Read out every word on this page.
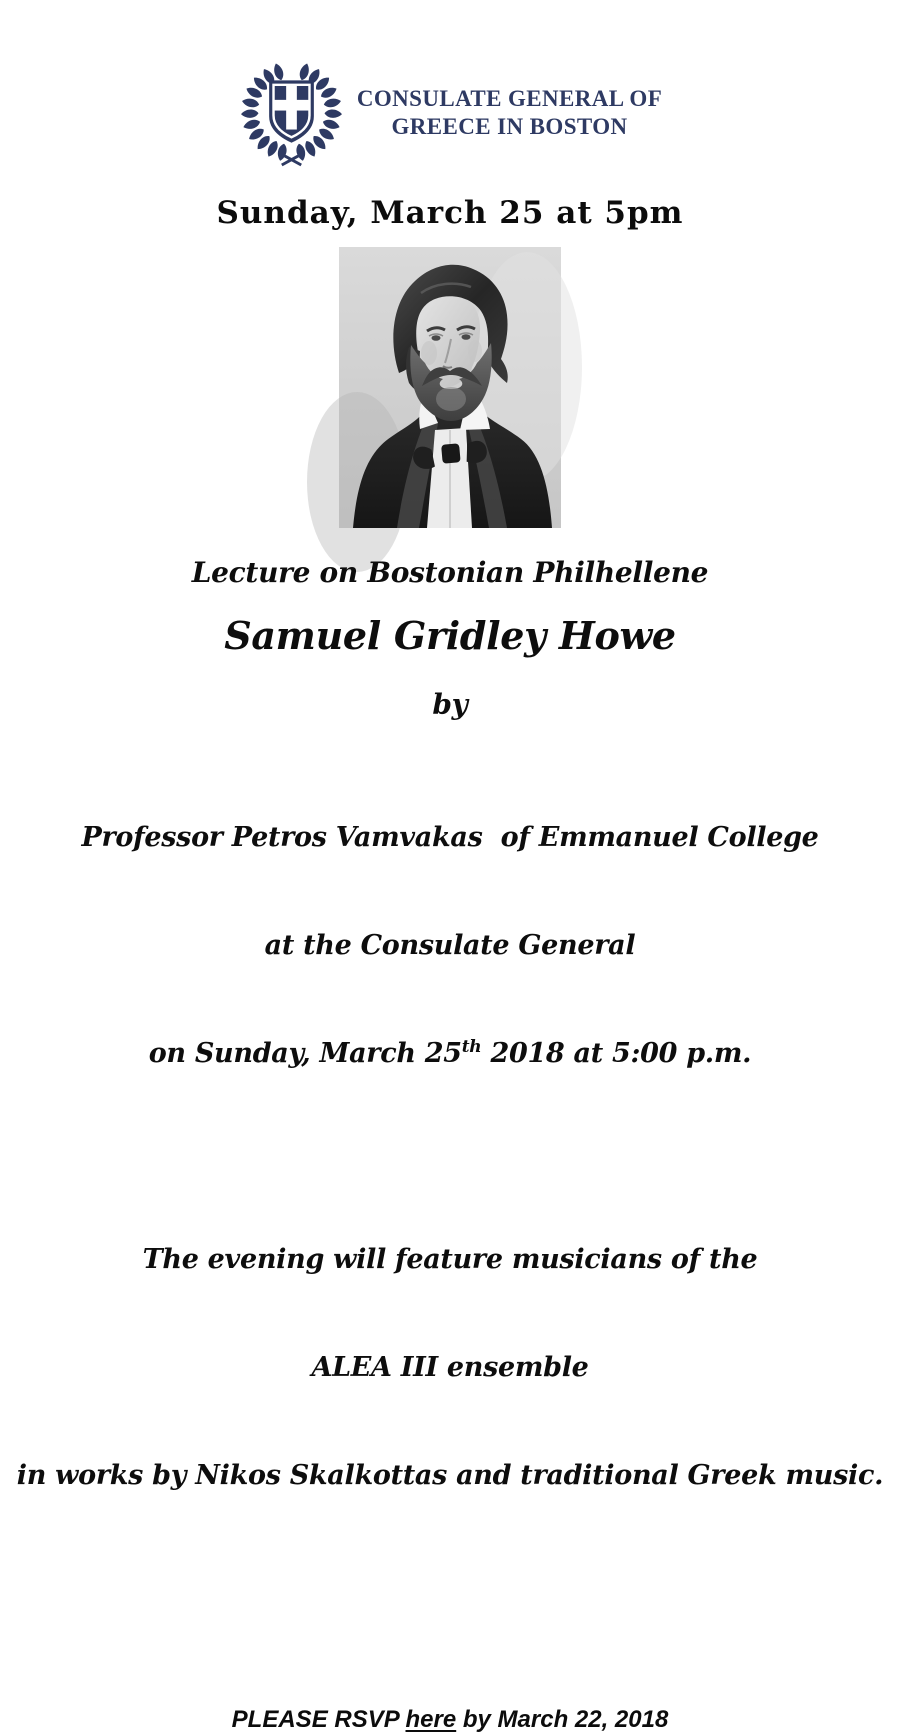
CONSULATE GENERAL OF
GREECE IN BOSTON
Sunday, March 25 at 5pm
Lecture on Bostonian Philhellene
Samuel Gridley Howe
by

Professor Petros Vamvakas  of Emmanuel College

at the Consulate General

on Sunday, March 25th 2018 at 5:00 p.m.

The evening will feature musicians of the

ALEA III ensemble

in works by Nikos Skalkottas and traditional Greek music.

PLEASE RSVP here by March 22, 2018
